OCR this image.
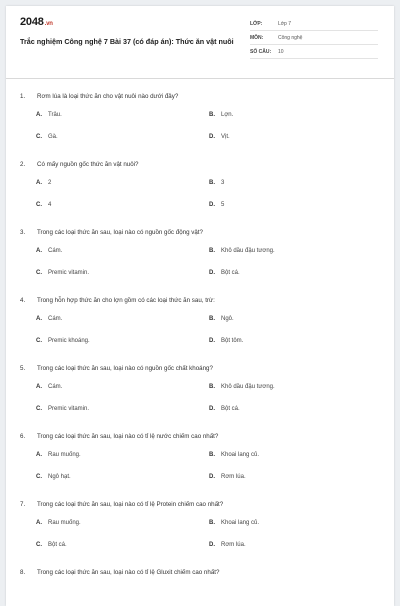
2048.vn
Trắc nghiệm Công nghệ 7 Bài 37 (có đáp án): Thức ăn vật nuôi
LỚP:	Lớp 7
MÔN:	Công nghệ
SỐ CÂU:	10
1.	Rơm lúa là loại thức ăn cho vật nuôi nào dưới đây?
A.	Trâu.	B.	Lợn.
C.	Gà.	D.	Vịt.
2.	Có mấy nguồn gốc thức ăn vật nuôi?
A.	2	B.	3
C.	4	D.	5
3.	Trong các loại thức ăn sau, loại nào có nguồn gốc động vật?
A.	Cám.	B.	Khô dầu đậu tương.
C.	Premic vitamin.	D.	Bột cá.
4.	Trong hỗn hợp thức ăn cho lợn gồm có các loại thức ăn sau, trừ:
A.	Cám.	B.	Ngô.
C.	Premic khoáng.	D.	Bột tôm.
5.	Trong các loại thức ăn sau, loại nào có nguồn gốc chất khoáng?
A.	Cám.	B.	Khô dầu đậu tương.
C.	Premic vitamin.	D.	Bột cá.
6.	Trong các loại thức ăn sau, loại nào có tỉ lệ nước chiếm cao nhất?
A.	Rau muống.	B.	Khoai lang củ.
C.	Ngô hạt.	D.	Rơm lúa.
7.	Trong các loại thức ăn sau, loại nào có tỉ lệ Protein chiếm cao nhất?
A.	Rau muống.	B.	Khoai lang củ.
C.	Bột cá.	D.	Rơm lúa.
8.	Trong các loại thức ăn sau, loại nào có tỉ lệ Gluxit chiếm cao nhất?
